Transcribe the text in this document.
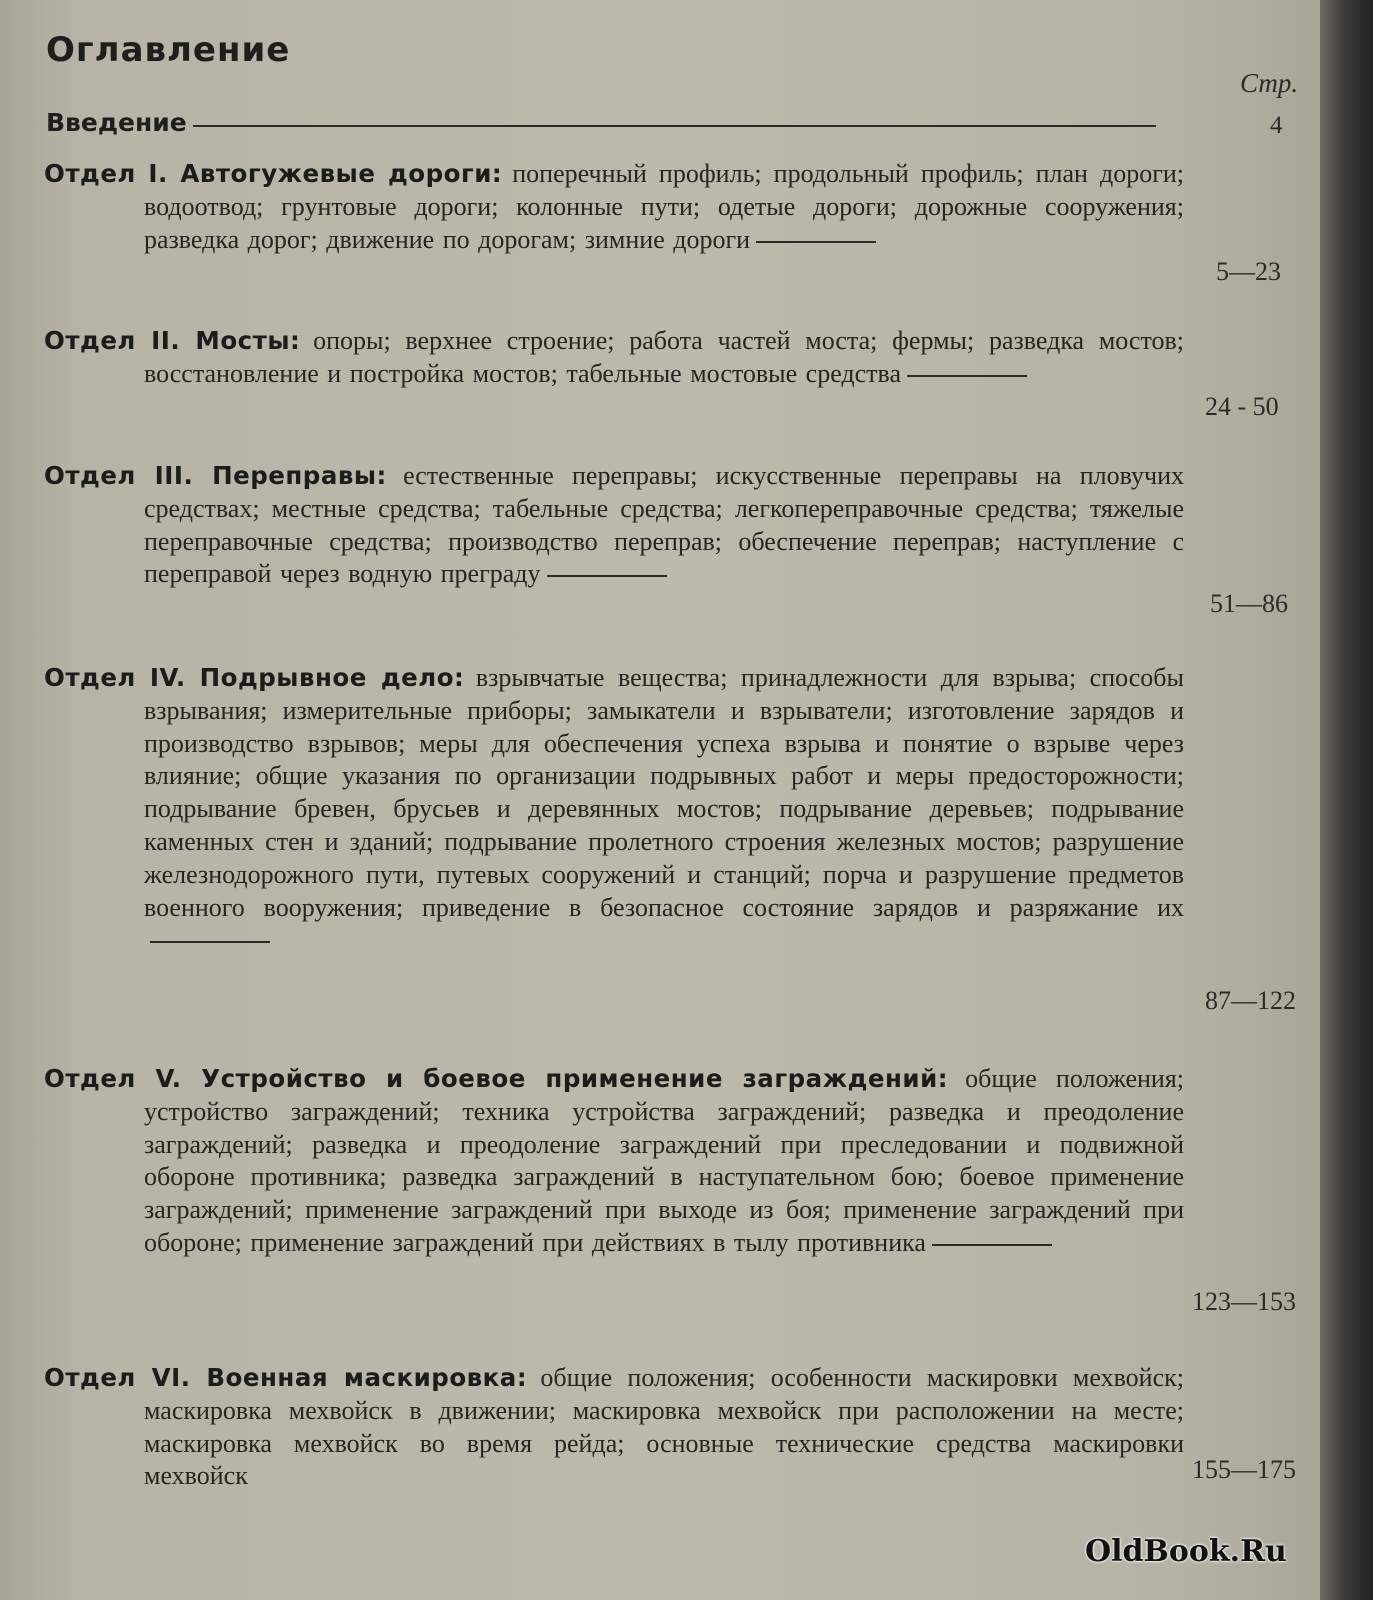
Оглавление
Стр.
Введение	4
Отдел I. Автогужевые дороги: поперечный профиль; продольный профиль; план дороги; водоотвод; грунтовые дороги; колонные пути; одетые дороги; дорожные сооружения; разведка дорог; движение по дорогам; зимние дороги
5—23
Отдел II. Мосты: опоры; верхнее строение; работа частей моста; фермы; разведка мостов; восстановление и постройка мостов; табельные мостовые средства
24 - 50
Отдел III. Переправы: естественные переправы; искусственные переправы на пловучих средствах; местные средства; табельные средства; легкопереправочные средства; тяжелые переправочные средства; производство переправ; обеспечение переправ; наступление с переправой через водную преграду
51—86
Отдел IV. Подрывное дело: взрывчатые вещества; принадлежности для взрыва; способы взрывания; измерительные приборы; замыкатели и взрыватели; изготовление зарядов и производство взрывов; меры для обеспечения успеха взрыва и понятие о взрыве через влияние; общие указания по организации подрывных работ и меры предосторожности; подрывание бревен, брусьев и деревянных мостов; подрывание деревьев; подрывание каменных стен и зданий; подрывание пролетного строения железных мостов; разрушение железнодорожного пути, путевых сооружений и станций; порча и разрушение предметов военного вооружения; приведение в безопасное состояние зарядов и разряжание их
87—122
Отдел V. Устройство и боевое применение заграждений: общие положения; устройство заграждений; техника устройства заграждений; разведка и преодоление заграждений; разведка и преодоление заграждений при преследовании и подвижной обороне противника; разведка заграждений в наступательном бою; боевое применение заграждений; применение заграждений при выходе из боя; применение заграждений при обороне; применение заграждений при действиях в тылу противника
123—153
Отдел VI. Военная маскировка: общие положения; особенности маскировки мехвойск; маскировка мехвойск в движении; маскировка мехвойск при расположении на месте; маскировка мехвойск во время рейда; основные технические средства маскировки мехвойск	155—175
OldBook.Ru
